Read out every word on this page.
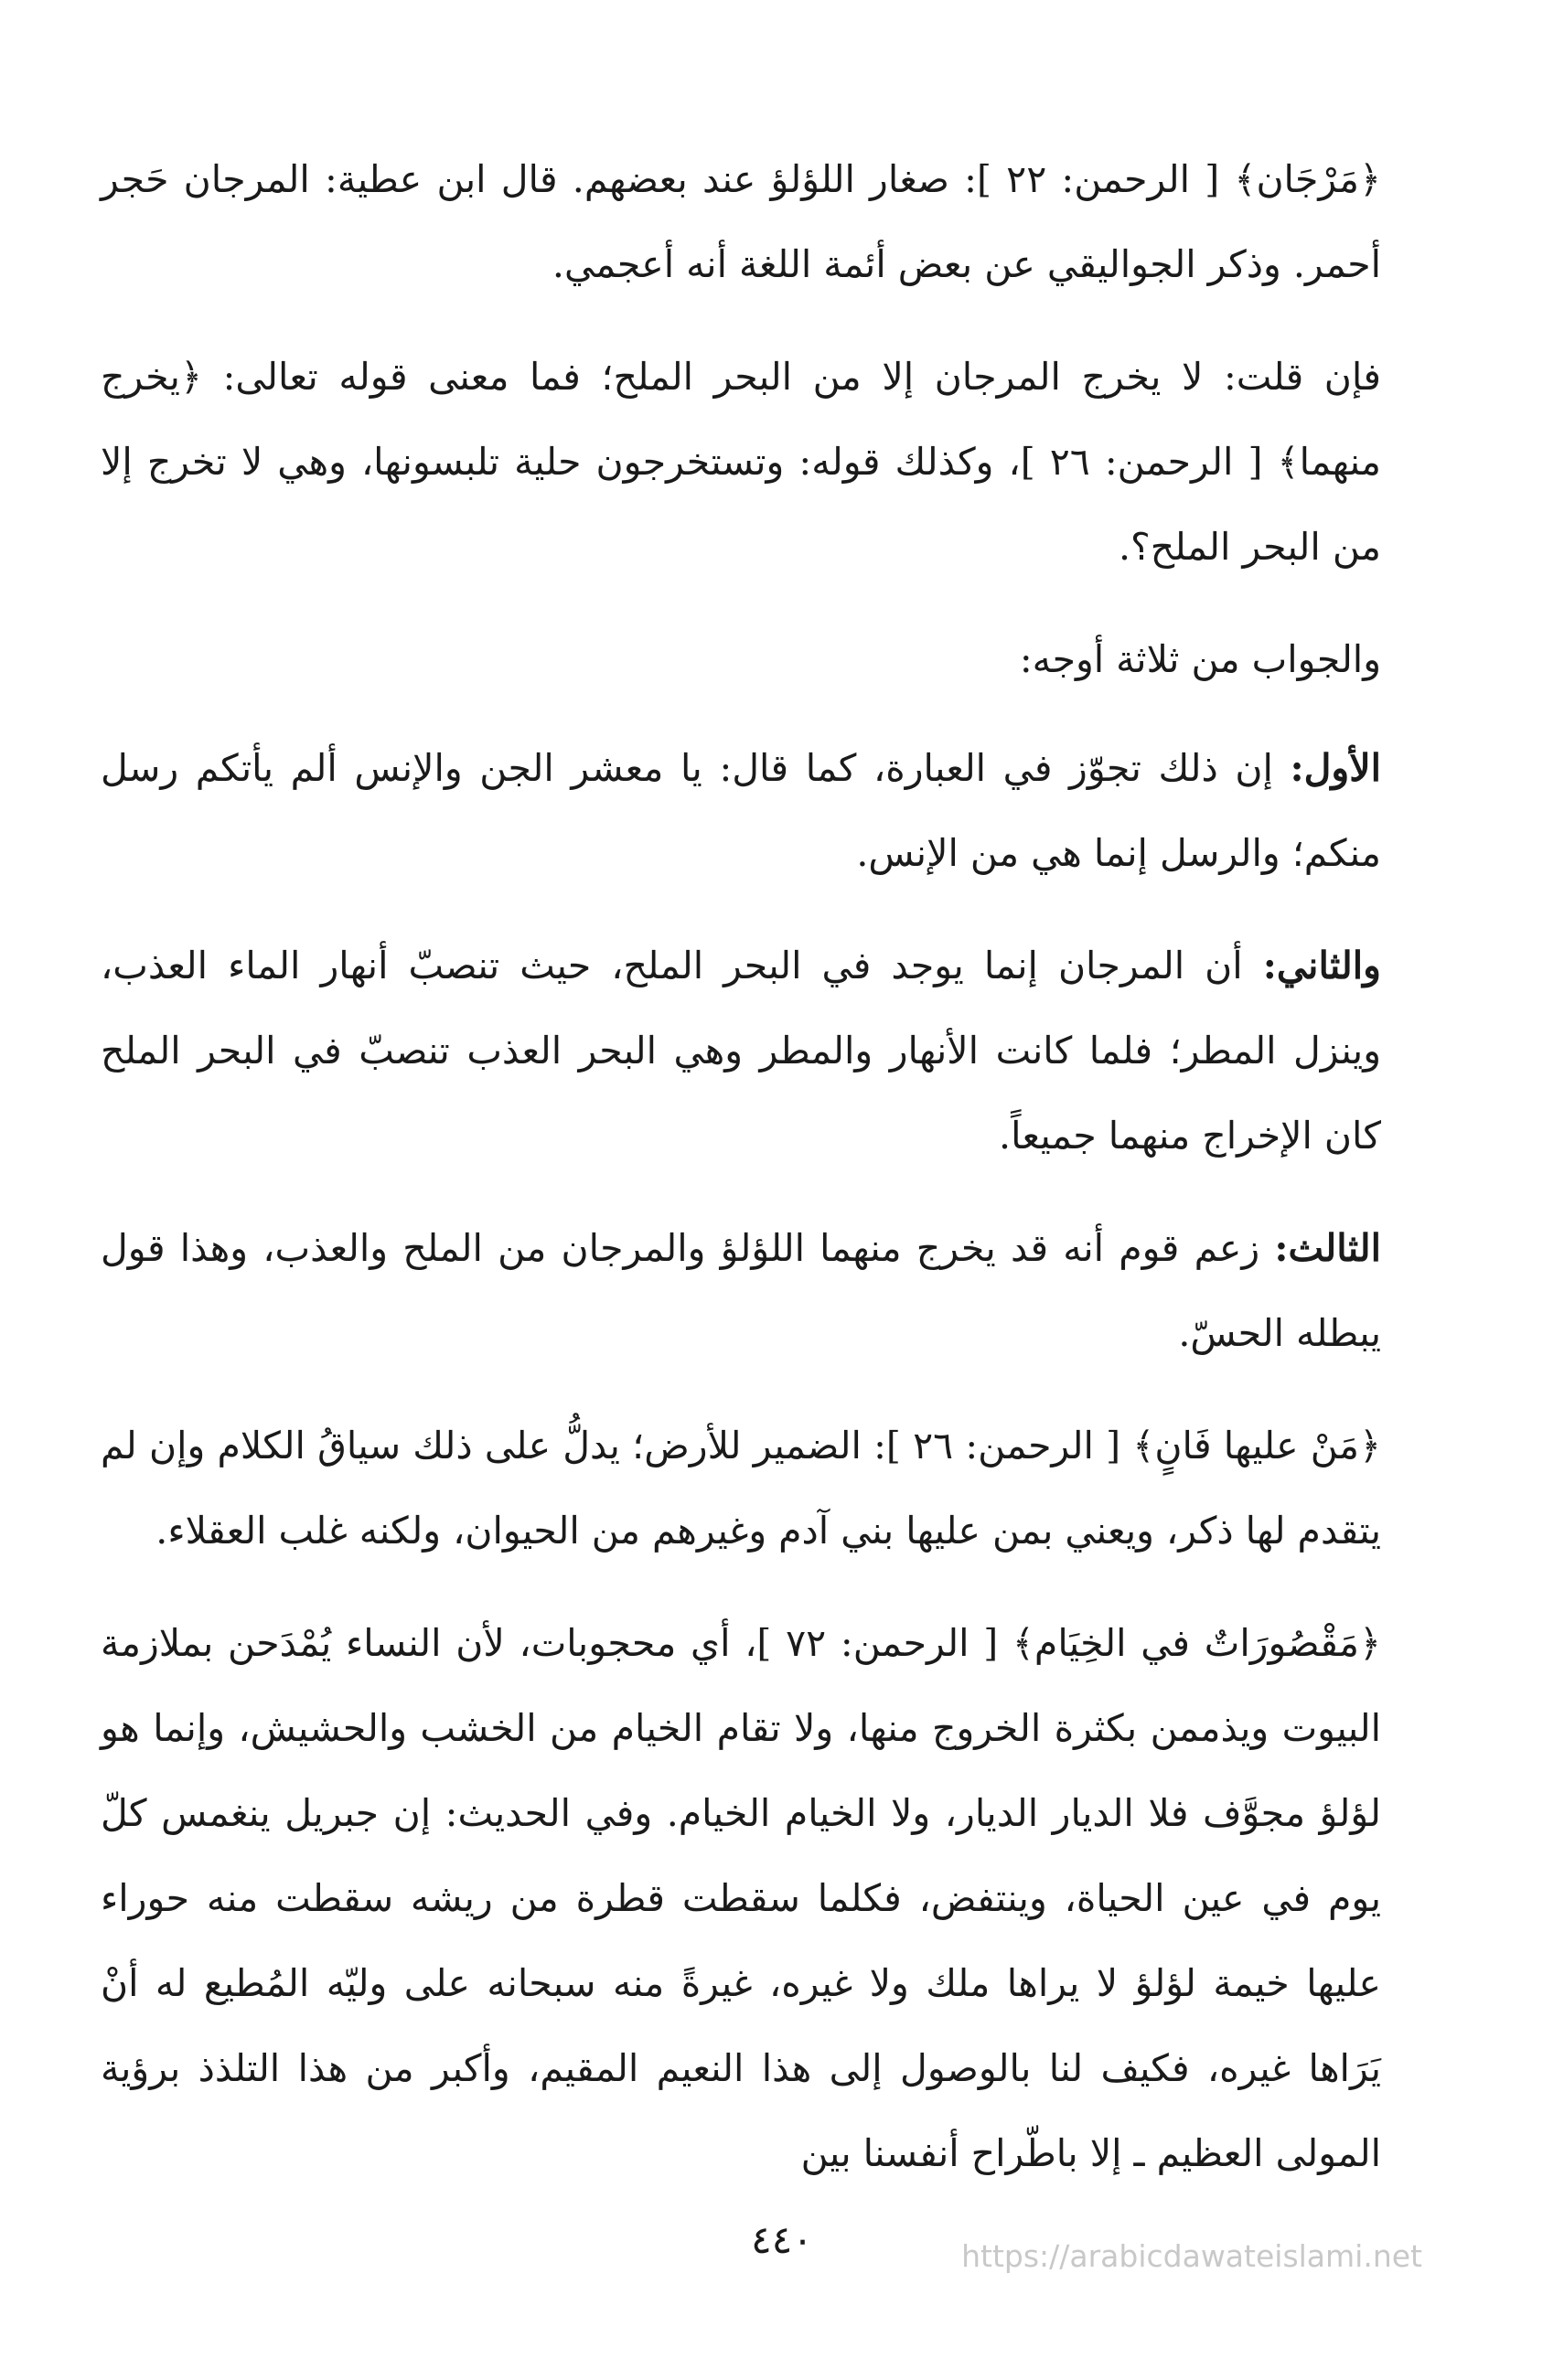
﴿مَرْجَان﴾ [ الرحمن: ٢٢ ]: صغار اللؤلؤ عند بعضهم. قال ابن عطية: المرجان حَجر أحمر. وذكر الجواليقي عن بعض أئمة اللغة أنه أعجمي.

فإن قلت: لا يخرج المرجان إلا من البحر الملح؛ فما معنى قوله تعالى: ﴿يخرج منهما﴾ [ الرحمن: ٢٦ ]، وكذلك قوله: وتستخرجون حلية تلبسونها، وهي لا تخرج إلا من البحر الملح؟.

والجواب من ثلاثة أوجه:

الأول: إن ذلك تجوّز في العبارة، كما قال: يا معشر الجن والإنس ألم يأتكم رسل منكم؛ والرسل إنما هي من الإنس.

والثاني: أن المرجان إنما يوجد في البحر الملح، حيث تنصبّ أنهار الماء العذب، وينزل المطر؛ فلما كانت الأنهار والمطر وهي البحر العذب تنصبّ في البحر الملح كان الإخراج منهما جميعاً.

الثالث: زعم قوم أنه قد يخرج منهما اللؤلؤ والمرجان من الملح والعذب، وهذا قول يبطله الحسّ.

﴿مَنْ عليها فَانٍ﴾ [ الرحمن: ٢٦ ]: الضمير للأرض؛ يدلُّ على ذلك سياقُ الكلام وإن لم يتقدم لها ذكر، ويعني بمن عليها بني آدم وغيرهم من الحيوان، ولكنه غلب العقلاء.

﴿مَقْصُورَاتٌ في الخِيَام﴾ [ الرحمن: ٧٢ ]، أي محجوبات، لأن النساء يُمْدَحن بملازمة البيوت ويذممن بكثرة الخروج منها، ولا تقام الخيام من الخشب والحشيش، وإنما هو لؤلؤ مجوَّف فلا الديار الديار، ولا الخيام الخيام. وفي الحديث: إن جبريل ينغمس كلّ يوم في عين الحياة، وينتفض، فكلما سقطت قطرة من ريشه سقطت منه حوراء عليها خيمة لؤلؤ لا يراها ملك ولا غيره، غيرةً منه سبحانه على وليّه المُطيع له أنْ يَرَاها غيره، فكيف لنا بالوصول إلى هذا النعيم المقيم، وأكبر من هذا التلذذ برؤية المولى العظيم ـ إلا باطّراح أنفسنا بين

٤٤٠	https://arabicdawateislami.net
